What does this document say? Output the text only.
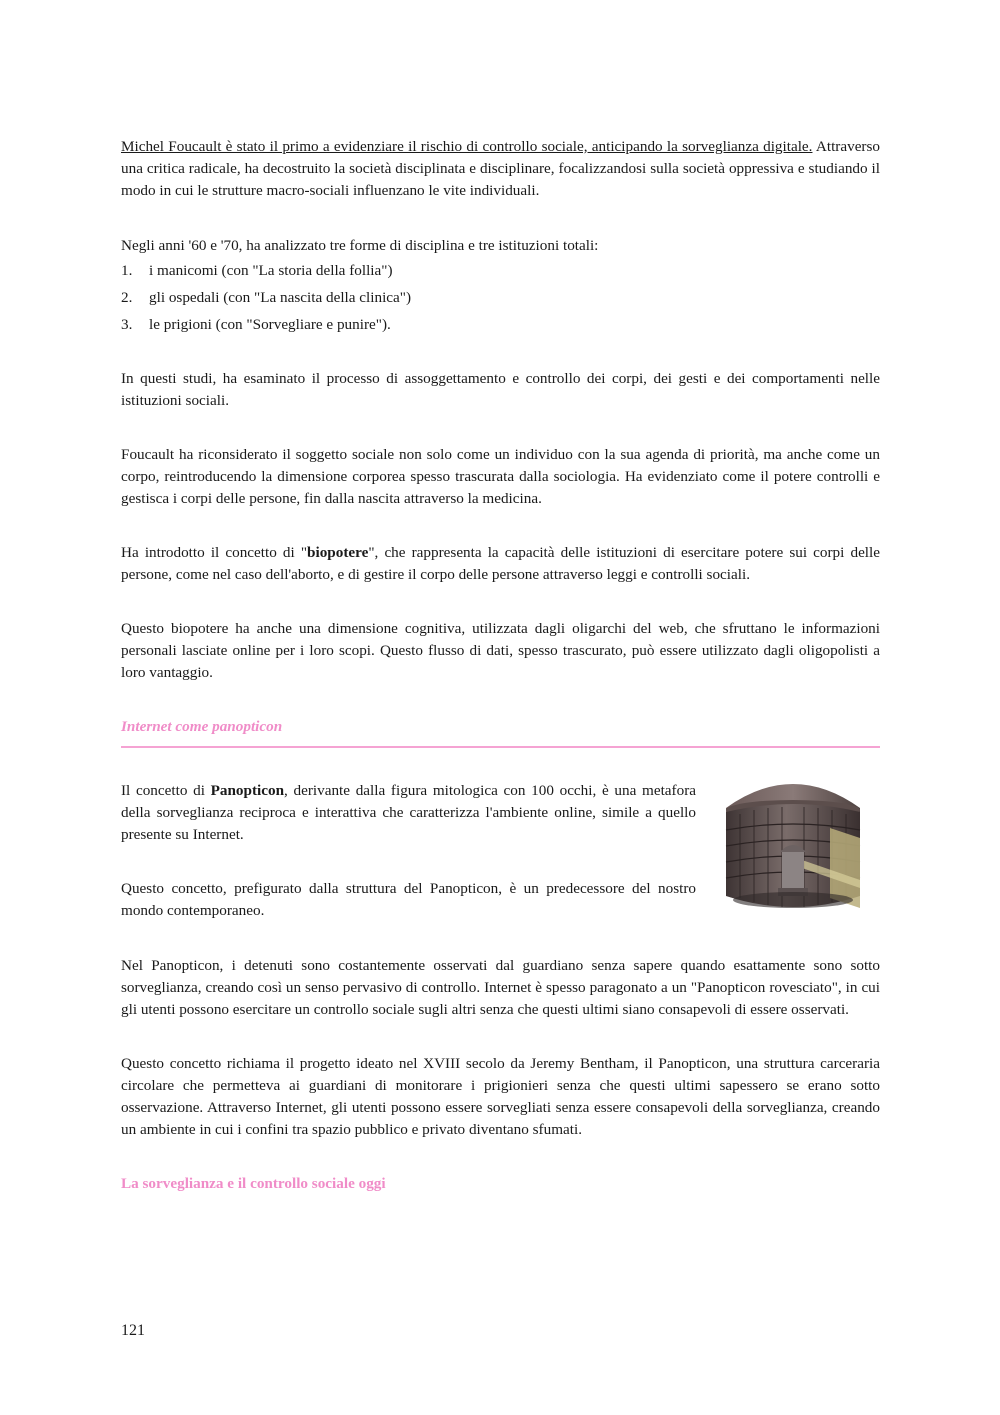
Michel Foucault è stato il primo a evidenziare il rischio di controllo sociale, anticipando la sorveglianza digitale. Attraverso una critica radicale, ha decostruito la società disciplinata e disciplinare, focalizzandosi sulla società oppressiva e studiando il modo in cui le strutture macro-sociali influenzano le vite individuali.

Negli anni '60 e '70, ha analizzato tre forme di disciplina e tre istituzioni totali:

1.	i manicomi (con "La storia della follia")
2.	gli ospedali (con "La nascita della clinica")
3.	le prigioni (con "Sorvegliare e punire").

In questi studi, ha esaminato il processo di assoggettamento e controllo dei corpi, dei gesti e dei comportamenti nelle istituzioni sociali.

Foucault ha riconsiderato il soggetto sociale non solo come un individuo con la sua agenda di priorità, ma anche come un corpo, reintroducendo la dimensione corporea spesso trascurata dalla sociologia. Ha evidenziato come il potere controlli e gestisca i corpi delle persone, fin dalla nascita attraverso la medicina.

Ha introdotto il concetto di "biopotere", che rappresenta la capacità delle istituzioni di esercitare potere sui corpi delle persone, come nel caso dell'aborto, e di gestire il corpo delle persone attraverso leggi e controlli sociali.

Questo biopotere ha anche una dimensione cognitiva, utilizzata dagli oligarchi del web, che sfruttano le informazioni personali lasciate online per i loro scopi. Questo flusso di dati, spesso trascurato, può essere utilizzato dagli oligopolisti a loro vantaggio.

Internet come panopticon

Il concetto di Panopticon, derivante dalla figura mitologica con 100 occhi, è una metafora della sorveglianza reciproca e interattiva che caratterizza l'ambiente online, simile a quello presente su Internet.

Questo concetto, prefigurato dalla struttura del Panopticon, è un predecessore del nostro mondo contemporaneo.

Nel Panopticon, i detenuti sono costantemente osservati dal guardiano senza sapere quando esattamente sono sotto sorveglianza, creando così un senso pervasivo di controllo. Internet è spesso paragonato a un "Panopticon rovesciato", in cui gli utenti possono esercitare un controllo sociale sugli altri senza che questi ultimi siano consapevoli di essere osservati.

Questo concetto richiama il progetto ideato nel XVIII secolo da Jeremy Bentham, il Panopticon, una struttura carceraria circolare che permetteva ai guardiani di monitorare i prigionieri senza che questi ultimi sapessero se erano sotto osservazione. Attraverso Internet, gli utenti possono essere sorvegliati senza essere consapevoli della sorveglianza, creando un ambiente in cui i confini tra spazio pubblico e privato diventano sfumati.

La sorveglianza e il controllo sociale oggi
121
